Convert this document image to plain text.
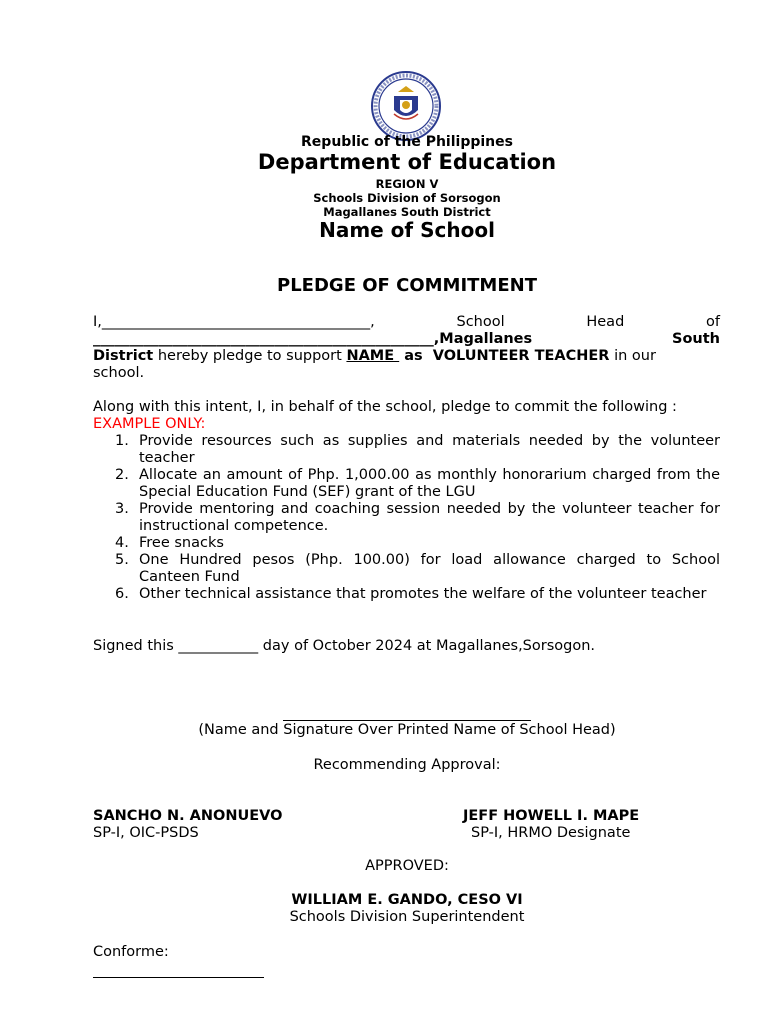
Republic of the Philippines
Department of Education
REGION V
Schools Division of Sorsogon
Magallanes South District
Name of School
PLEDGE OF COMMITMENT
I,_____________________________________,	School	Head	of
_______________________________________________,Magallanes	South
District hereby pledge to support NAME  as  VOLUNTEER TEACHER in our
school.
Along with this intent, I, in behalf of the school, pledge to commit the following :
EXAMPLE ONLY:
1. Provide resources such as supplies and materials needed by the volunteer teacher
2. Allocate an amount of Php. 1,000.00 as monthly honorarium charged from the Special Education Fund (SEF) grant of the LGU
3. Provide mentoring and coaching session needed by the volunteer teacher for instructional competence.
4. Free snacks
5. One Hundred pesos (Php. 100.00) for load allowance charged to School Canteen Fund
6. Other technical assistance that promotes the welfare of the volunteer teacher
Signed this ___________ day of October 2024 at Magallanes,Sorsogon.
(Name and Signature Over Printed Name of School Head)
Recommending Approval:
SANCHO N. ANONUEVO
SP-I, OIC-PSDS
JEFF HOWELL I. MAPE
SP-I, HRMO Designate
APPROVED:
WILLIAM E. GANDO, CESO VI
Schools Division Superintendent
Conforme:
